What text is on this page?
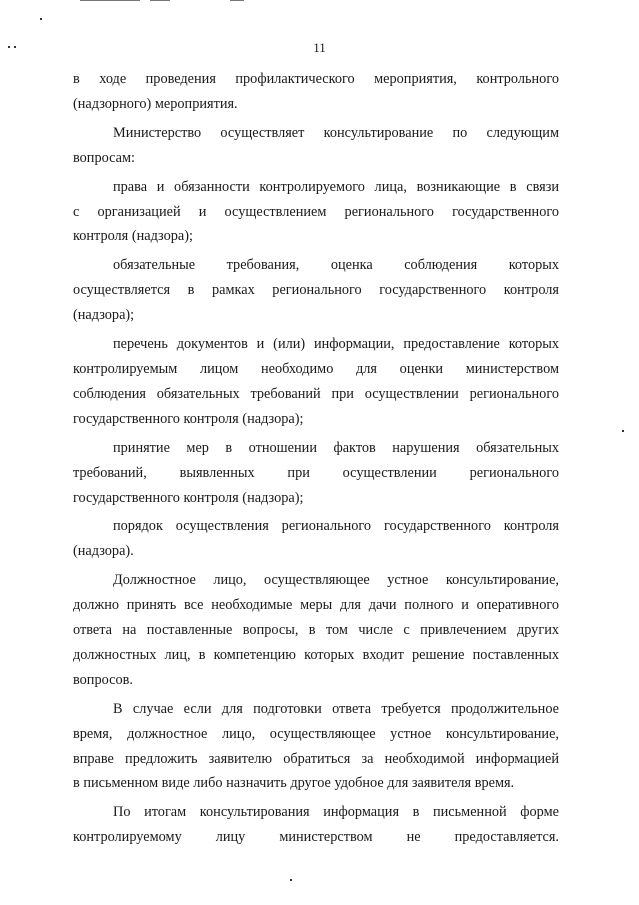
11
в ходе проведения профилактического мероприятия, контрольного
(надзорного) мероприятия.
Министерство осуществляет консультирование по следующим
вопросам:
права и обязанности контролируемого лица, возникающие в связи
с организацией и осуществлением регионального государственного
контроля (надзора);
обязательные требования, оценка соблюдения которых
осуществляется в рамках регионального государственного контроля
(надзора);
перечень документов и (или) информации, предоставление которых
контролируемым лицом необходимо для оценки министерством
соблюдения обязательных требований при осуществлении регионального
государственного контроля (надзора);
принятие мер в отношении фактов нарушения обязательных
требований, выявленных при осуществлении регионального
государственного контроля (надзора);
порядок осуществления регионального государственного контроля
(надзора).
Должностное лицо, осуществляющее устное консультирование,
должно принять все необходимые меры для дачи полного и оперативного
ответа на поставленные вопросы, в том числе с привлечением других
должностных лиц, в компетенцию которых входит решение поставленных
вопросов.
В случае если для подготовки ответа требуется продолжительное
время, должностное лицо, осуществляющее устное консультирование,
вправе предложить заявителю обратиться за необходимой информацией
в письменном виде либо назначить другое удобное для заявителя время.
По итогам консультирования информация в письменной форме
контролируемому лицу министерством не предоставляется.
